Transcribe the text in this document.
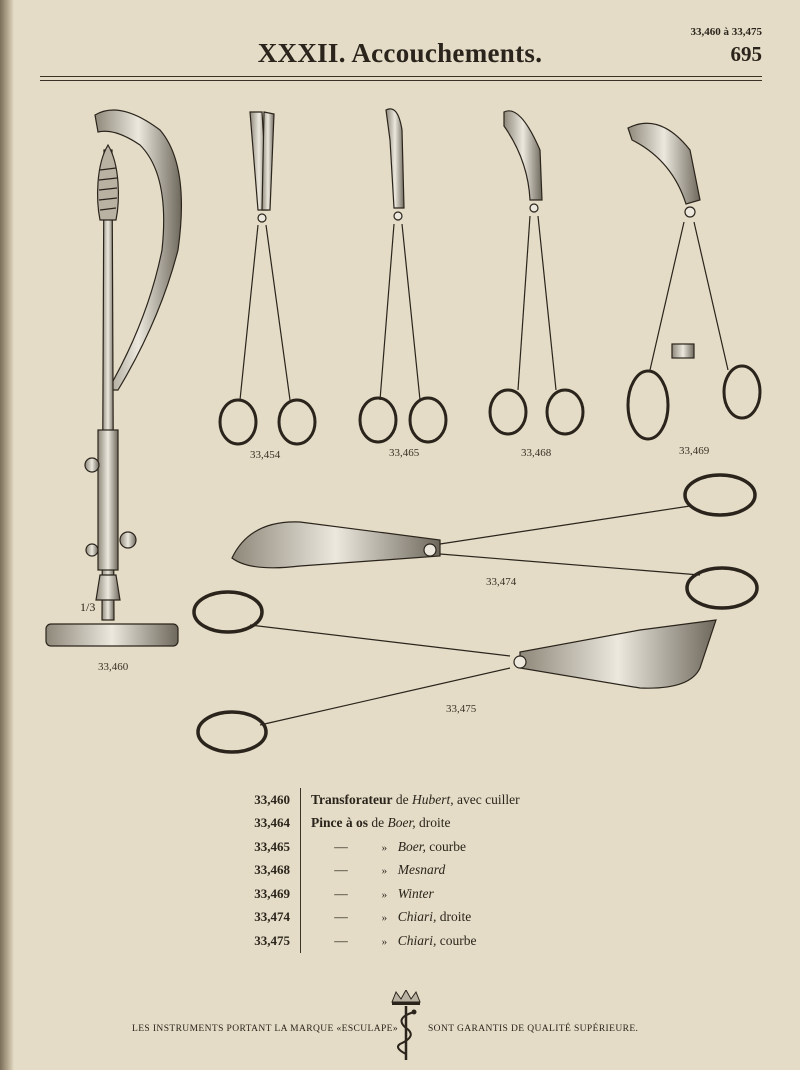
33,460 à 33,475
XXXII. Accouchements.	695
33,454	33,465	33,468	33,469
33,474
33,475
33,460
1/3
33,460 Transforateur de Hubert, avec cuiller
33,464 Pince à os de Boer, droite
33,465	—	» Boer, courbe
33,468	—	» Mesnard
33,469	—	» Winter
33,474	—	» Chiari, droite
33,475	—	» Chiari, courbe
LES INSTRUMENTS PORTANT LA MARQUE «ESCULAPE»	SONT GARANTIS DE QUALITÉ SUPÉRIEURE.
